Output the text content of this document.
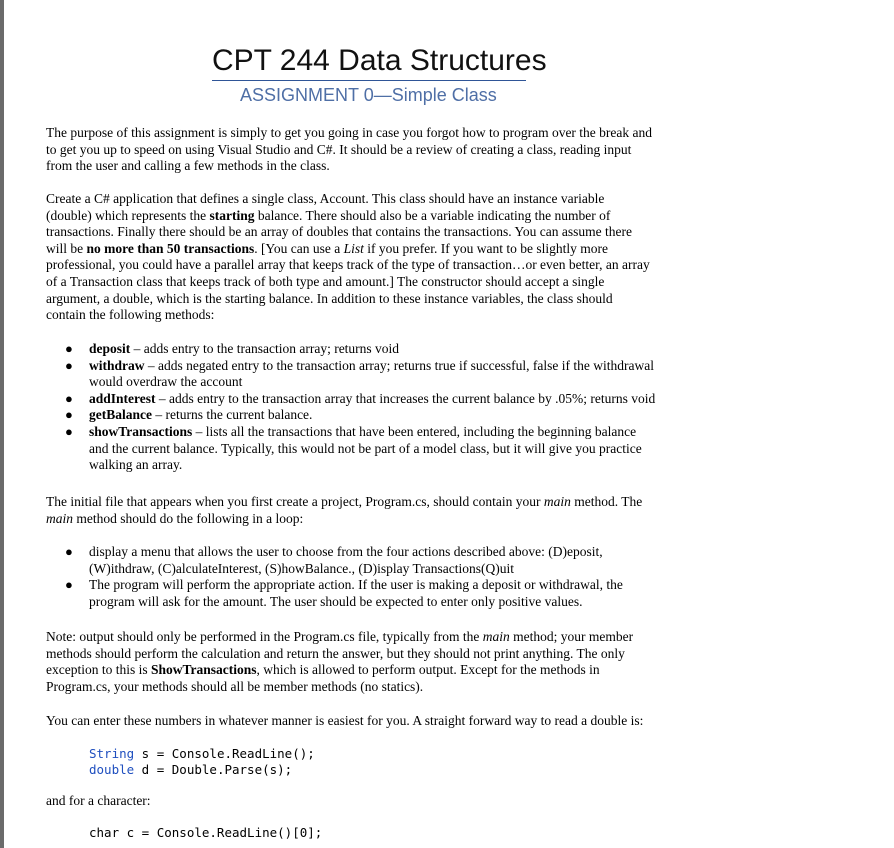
CPT 244 Data Structures
ASSIGNMENT 0—Simple Class

The purpose of this assignment is simply to get you going in case you forgot how to program over the break and
to get you up to speed on using Visual Studio and C#. It should be a review of creating a class, reading input
from the user and calling a few methods in the class.

Create a C# application that defines a single class, Account. This class should have an instance variable
(double) which represents the starting balance. There should also be a variable indicating the number of
transactions. Finally there should be an array of doubles that contains the transactions. You can assume there
will be no more than 50 transactions. [You can use a List if you prefer. If you want to be slightly more
professional, you could have a parallel array that keeps track of the type of transaction…or even better, an array
of a Transaction class that keeps track of both type and amount.] The constructor should accept a single
argument, a double, which is the starting balance. In addition to these instance variables, the class should
contain the following methods:

● deposit – adds entry to the transaction array; returns void
● withdraw – adds negated entry to the transaction array; returns true if successful, false if the withdrawal
would overdraw the account
● addInterest – adds entry to the transaction array that increases the current balance by .05%; returns void
● getBalance – returns the current balance.
● showTransactions – lists all the transactions that have been entered, including the beginning balance
and the current balance. Typically, this would not be part of a model class, but it will give you practice
walking an array.

The initial file that appears when you first create a project, Program.cs, should contain your main method. The
main method should do the following in a loop:

● display a menu that allows the user to choose from the four actions described above: (D)eposit,
(W)ithdraw, (C)alculateInterest, (S)howBalance., (D)isplay Transactions(Q)uit
● The program will perform the appropriate action. If the user is making a deposit or withdrawal, the
program will ask for the amount. The user should be expected to enter only positive values.

Note: output should only be performed in the Program.cs file, typically from the main method; your member
methods should perform the calculation and return the answer, but they should not print anything. The only
exception to this is ShowTransactions, which is allowed to perform output. Except for the methods in
Program.cs, your methods should all be member methods (no statics).

You can enter these numbers in whatever manner is easiest for you. A straight forward way to read a double is:

String s = Console.ReadLine();
double d = Double.Parse(s);

and for a character:

char c = Console.ReadLine()[0];
